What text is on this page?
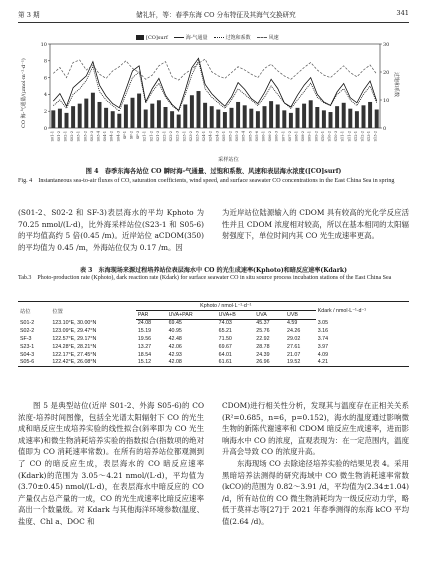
第 3 期	储礼轩，等：春季东海 CO 分布特征及其海气交换研究	341
10
8
6
4
2
0
30
20
10
0
S01-1 S01-2 S02-1 S02-2 S03-1 S03-2 S03-3 S03-4 S04-1 S04-2 S04-3 SF-1 SF-2 SF-3 S21-1 S21-2 S21-3 S22-1 S22-2 S22-3 S23-1 S23-2 S23-3 S24-1 S24-2 S24-3 S05-1 S05-2 S05-3 S05-4 S05-5 S05-6 S06-1 S06-2 S06-3 S07-1 S07-2 S08-1 S08-2 S09-1 S09-2 S10-1 S10-2 S10-3 S11-1 S11-2 S12-1 S12-2 S13-1 S13-2
[CO]surf	海-气通量	过饱和系数	风速
CO 海-气通量/(μmol·m⁻²·d⁻¹)	过饱和系数
采样站位
图 4　春季东海各站位 CO 瞬时海-气通量、过饱和系数、风速和表层海水浓度([CO]surf)
Fig. 4　Instantaneous sea-to-air fluxes of CO, saturation coefficients, wind speed, and surface seawater CO concentrations in the East China Sea in spring

(S01-2、S02-2 和 SF-3)表层海水的平均 Kphoto 为 70.25 nmol/(L·d)，比外海采样站位(S23-1 和 S05-6)的平均值高约 5 倍(0.45 /m)。近岸站位 aCDOM(350) 的平均值为 0.45 /m，外海站位仅为 0.17 /m。因

为近岸站位陆源输入的 CDOM 具有较高的光化学反应活性并且 CDOM 浓度相对较高，所以在基本相同的太阳辐射强度下，单位时间内其 CO 光生成速率更高。

表 3　东海现场来源过程培养站位表层海水中 CO 的光生成速率(Kphoto)和暗反应速率(Kdark)
Tab.3　Photo-production rate (Kphoto), dark reaction rate (Kdark) for surface seawater CO in situ source process incubation stations of the East China Sea
站位	位置	Kphoto / nmol·L⁻¹·d⁻¹					Kdark / nmol·L⁻¹·d⁻¹
		PAR	UVA+PAR	UVA+B	UVA	UVB	
S01-2	123.10°E, 30.00°N	24.08	69.45	74.03	45.37	4.59	3.05
S02-2	123.09°E, 29.47°N	15.19	40.95	65.21	25.76	24.26	3.16
SF-3	122.57°E, 29.17°N	19.56	42.48	71.50	22.92	29.02	3.74
S23-1	124.28°E, 28.21°N	13.27	42.06	69.67	28.78	27.61	3.97
S04-3	122.17°E, 27.45°N	18.54	42.93	64.01	24.39	21.07	4.09
S05-6	122.42°E, 26.08°N	15.12	42.08	61.61	26.96	19.52	4.21

图 5 是典型站位(近岸 S01-2、外海 S05-6)的 CO 浓度-培养时间图像，包括全光谱太阳辐射下 CO 的光生成和暗反应生成培养实验的线性拟合(斜率即为 CO 光生成速率)和微生物消耗培养实验的指数拟合(指数项的绝对值即为 CO 消耗速率常数)。在所有的培养站位都观测到了 CO 的暗反应生成，表层海水的 CO 暗反应速率(Kdark)的范围为 3.05～4.21 nmol/(L·d)，平均值为(3.70±0.45) nmol/(L·d)，在表层海水中暗反应的 CO 产量仅占总产量的一成，CO 的光生成速率比暗反应速率高出一个数量级。对 Kdark 与其他海洋环境参数(温度、盐度、Chl a、DOC 和

CDOM)进行相关性分析，发现其与温度存在正相关关系(R²=0.685，n=6，p=0.152)，海水的温度通过影响微生物的新陈代谢速率和 CDOM 暗反应生成速率，进而影响海水中 CO 的浓度，直观表现为：在一定范围内，温度升高会导致 CO 的浓度升高。

东海现场 CO 去除途径培养实验的结果见表 4。采用黑暗培养法测得的研究海域中 CO 微生物消耗速率常数(kCO)的范围为 0.82～3.91 /d，平均值为(2.34±1.04) /d，所有站位的 CO 微生物消耗均为一级反应动力学，略低于莫祥志等[27]于 2021 年春季测得的东海 kCO 平均值(2.64 /d)。
